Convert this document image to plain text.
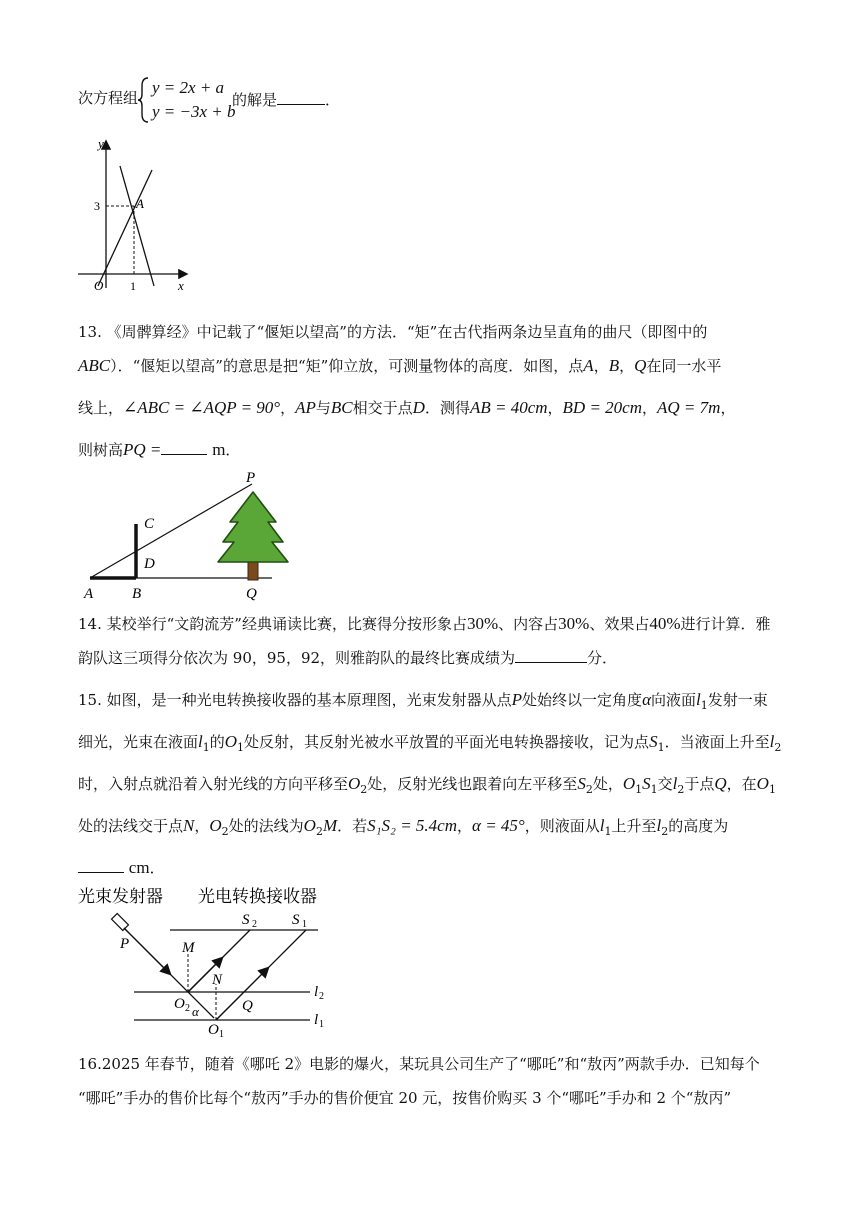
次方程组
y = 2x + a
y = −3x + b
的解是	．
y
x
O 1
3	A
13. 《周髀算经》中记载了“偃矩以望高”的方法．“矩”在古代指两条边呈直角的曲尺（即图中的
ABC）．“偃矩以望高”的意思是把“矩”仰立放，可测量物体的高度．如图，点A，B，Q在同一水平
线上，∠ABC = ∠AQP = 90°，AP与BC相交于点D．测得AB = 40cm，BD = 20cm，AQ = 7m，
则树高PQ =	m．
P
C
D
A	B	Q
14. 某校举行“文韵流芳”经典诵读比赛，比赛得分按形象占30%、内容占30%、效果占40%进行计算．雅
韵队这三项得分依次为 90，95，92，则雅韵队的最终比赛成绩为	分．
15. 如图，是一种光电转换接收器的基本原理图，光束发射器从点P处始终以一定角度α向液面$l_1$发射一束
细光，光束在液面$l_1$的$O_1$处反射，其反射光被水平放置的平面光电转换器接收，记为点$S_1$．当液面上升至$l_2$
时，入射点就沿着入射光线的方向平移至$O_2$处，反射光线也跟着向左平移至$S_2$处，$O_1S_1$交$l_2$于点Q，在$O_1$
处的法线交于点N，$O_2$处的法线为$O_2M$．若S₁S₂ = 5.4cm，α = 45°，则液面从$l_1$上升至$l_2$的高度为
cm．
光束发射器 光电转换接收器
S 2 S 1
P	M
N
O 2 α	Q
O 1
l 2
l 1
16.2025 年春节，随着《哪吒 2》电影的爆火，某玩具公司生产了“哪吒”和“敖丙”两款手办．已知每个
“哪吒”手办的售价比每个“敖丙”手办的售价便宜 20 元，按售价购买 3 个“哪吒”手办和 2 个“敖丙”
